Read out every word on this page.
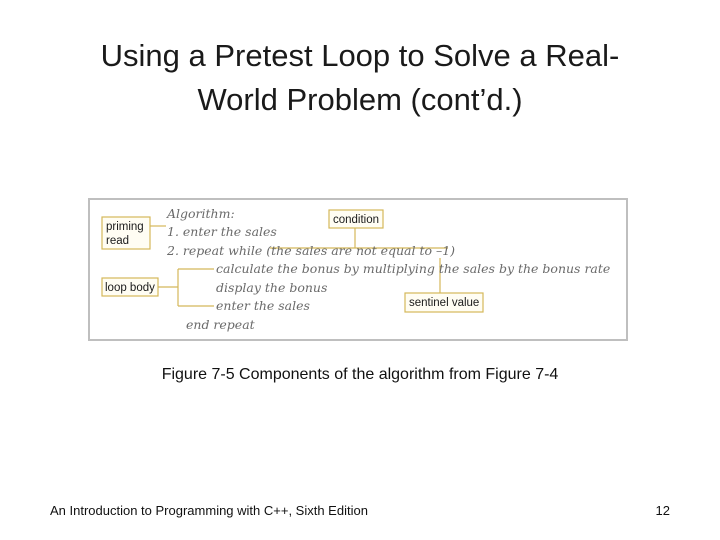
Using a Pretest Loop to Solve a Real-
World Problem (cont’d.)
priming
read
condition
loop body
sentinel value
Algorithm:
1. enter the sales
2. repeat while (the sales are not equal to –1)
calculate the bonus by multiplying the sales by the bonus rate
display the bonus
enter the sales
end repeat
Figure 7-5 Components of the algorithm from Figure 7-4
An Introduction to Programming with C++, Sixth Edition	12
